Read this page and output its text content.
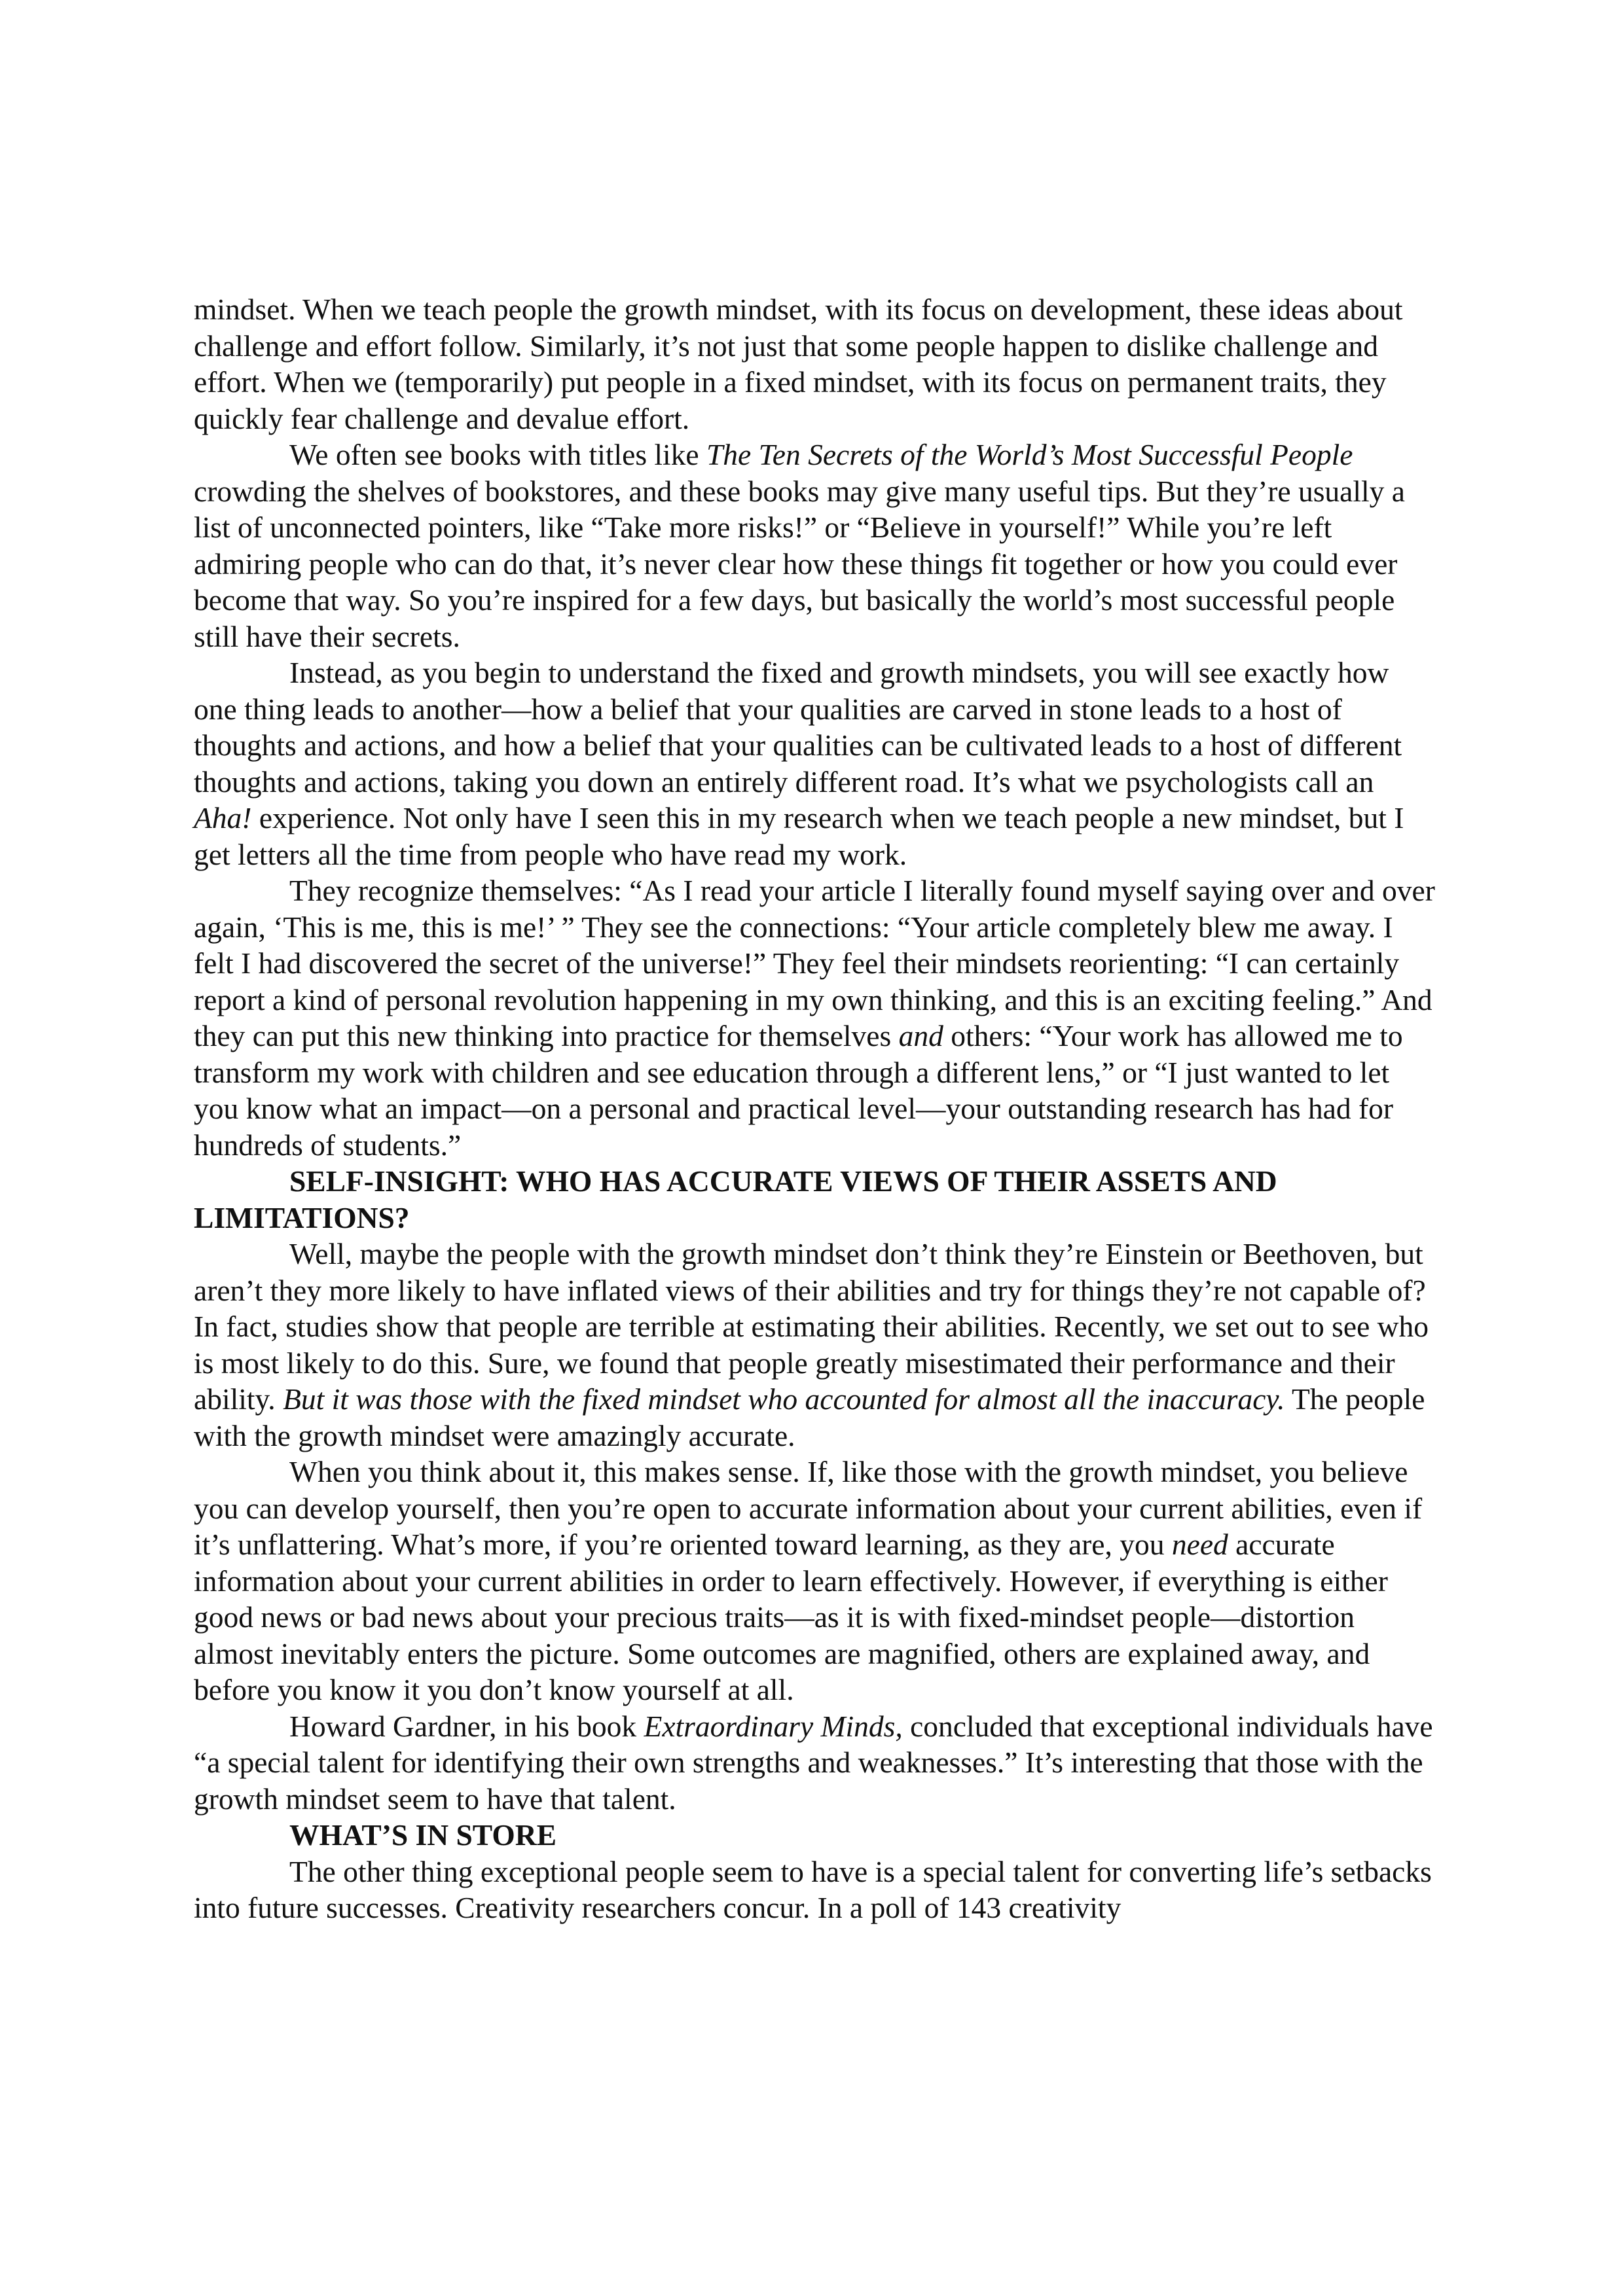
mindset. When we teach people the growth mindset, with its focus on development, these ideas about challenge and effort follow. Similarly, it’s not just that some people happen to dislike challenge and effort. When we (temporarily) put people in a fixed mindset, with its focus on permanent traits, they quickly fear challenge and devalue effort.

We often see books with titles like The Ten Secrets of the World’s Most Successful People crowding the shelves of bookstores, and these books may give many useful tips. But they’re usually a list of unconnected pointers, like “Take more risks!” or “Believe in yourself!” While you’re left admiring people who can do that, it’s never clear how these things fit together or how you could ever become that way. So you’re inspired for a few days, but basically the world’s most successful people still have their secrets.

Instead, as you begin to understand the fixed and growth mindsets, you will see exactly how one thing leads to another—how a belief that your qualities are carved in stone leads to a host of thoughts and actions, and how a belief that your qualities can be cultivated leads to a host of different thoughts and actions, taking you down an entirely different road. It’s what we psychologists call an Aha! experience. Not only have I seen this in my research when we teach people a new mindset, but I get letters all the time from people who have read my work.

They recognize themselves: “As I read your article I literally found myself saying over and over again, ‘This is me, this is me!’ ” They see the connections: “Your article completely blew me away. I felt I had discovered the secret of the universe!” They feel their mindsets reorienting: “I can certainly report a kind of personal revolution happening in my own thinking, and this is an exciting feeling.” And they can put this new thinking into practice for themselves and others: “Your work has allowed me to transform my work with children and see education through a different lens,” or “I just wanted to let you know what an impact—on a personal and practical level—your outstanding research has had for hundreds of students.”

SELF-INSIGHT: WHO HAS ACCURATE VIEWS OF THEIR ASSETS AND LIMITATIONS?

Well, maybe the people with the growth mindset don’t think they’re Einstein or Beethoven, but aren’t they more likely to have inflated views of their abilities and try for things they’re not capable of? In fact, studies show that people are terrible at estimating their abilities. Recently, we set out to see who is most likely to do this. Sure, we found that people greatly misestimated their performance and their ability. But it was those with the fixed mindset who accounted for almost all the inaccuracy. The people with the growth mindset were amazingly accurate.

When you think about it, this makes sense. If, like those with the growth mindset, you believe you can develop yourself, then you’re open to accurate information about your current abilities, even if it’s unflattering. What’s more, if you’re oriented toward learning, as they are, you need accurate information about your current abilities in order to learn effectively. However, if everything is either good news or bad news about your precious traits—as it is with fixed-mindset people—distortion almost inevitably enters the picture. Some outcomes are magnified, others are explained away, and before you know it you don’t know yourself at all.

Howard Gardner, in his book Extraordinary Minds, concluded that exceptional individuals have “a special talent for identifying their own strengths and weaknesses.” It’s interesting that those with the growth mindset seem to have that talent.

WHAT’S IN STORE

The other thing exceptional people seem to have is a special talent for converting life’s setbacks into future successes. Creativity researchers concur. In a poll of 143 creativity
